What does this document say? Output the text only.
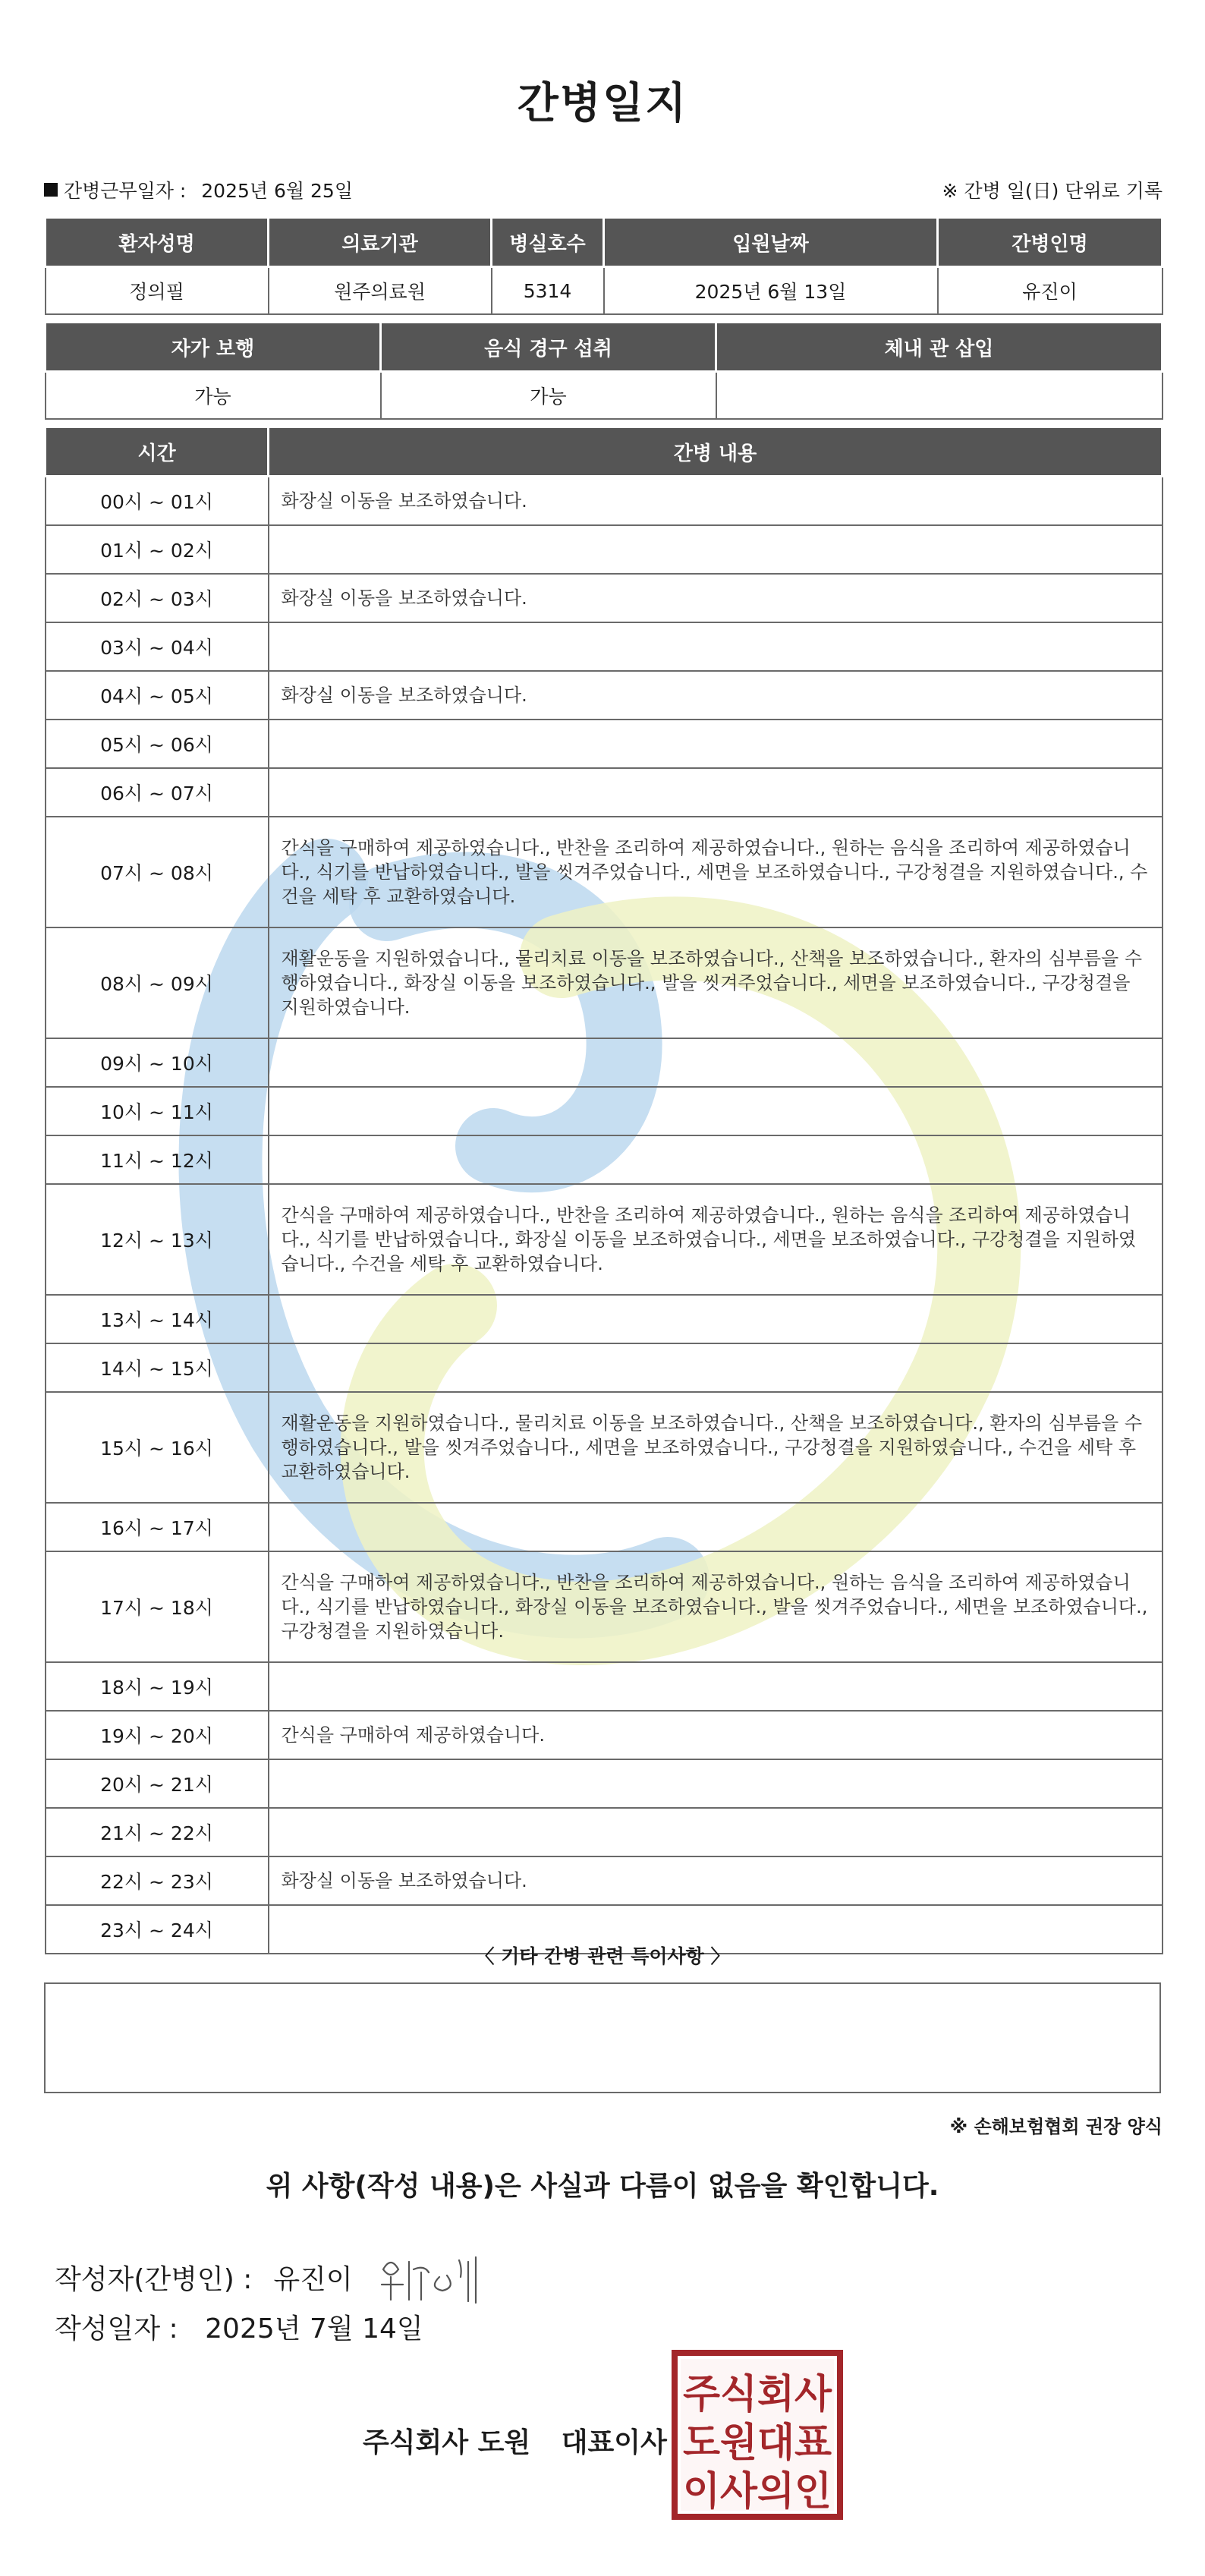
간병일지
간병근무일자 : 2025년 6월 25일	※ 간병 일(日) 단위로 기록
환자성명	의료기관	병실호수	입원날짜	간병인명
정의필	원주의료원	5314	2025년 6월 13일	유진이
자가 보행	음식 경구 섭취	체내 관 삽입
가능	가능	
시간	간병 내용
00시 ~ 01시	화장실 이동을 보조하였습니다.
01시 ~ 02시	
02시 ~ 03시	화장실 이동을 보조하였습니다.
03시 ~ 04시	
04시 ~ 05시	화장실 이동을 보조하였습니다.
05시 ~ 06시	
06시 ~ 07시	
07시 ~ 08시	간식을 구매하여 제공하였습니다., 반찬을 조리하여 제공하였습니다., 원하는 음식을 조리하여 제공하였습니다., 식기를 반납하였습니다., 발을 씻겨주었습니다., 세면을 보조하였습니다., 구강청결을 지원하였습니다., 수건을 세탁 후 교환하였습니다.
08시 ~ 09시	재활운동을 지원하였습니다., 물리치료 이동을 보조하였습니다., 산책을 보조하였습니다., 환자의 심부름을 수행하였습니다., 화장실 이동을 보조하였습니다., 발을 씻겨주었습니다., 세면을 보조하였습니다., 구강청결을 지원하였습니다.
09시 ~ 10시	
10시 ~ 11시	
11시 ~ 12시	
12시 ~ 13시	간식을 구매하여 제공하였습니다., 반찬을 조리하여 제공하였습니다., 원하는 음식을 조리하여 제공하였습니다., 식기를 반납하였습니다., 화장실 이동을 보조하였습니다., 세면을 보조하였습니다., 구강청결을 지원하였습니다., 수건을 세탁 후 교환하였습니다.
13시 ~ 14시	
14시 ~ 15시	
15시 ~ 16시	재활운동을 지원하였습니다., 물리치료 이동을 보조하였습니다., 산책을 보조하였습니다., 환자의 심부름을 수행하였습니다., 발을 씻겨주었습니다., 세면을 보조하였습니다., 구강청결을 지원하였습니다., 수건을 세탁 후 교환하였습니다.
16시 ~ 17시	
17시 ~ 18시	간식을 구매하여 제공하였습니다., 반찬을 조리하여 제공하였습니다., 원하는 음식을 조리하여 제공하였습니다., 식기를 반납하였습니다., 화장실 이동을 보조하였습니다., 발을 씻겨주었습니다., 세면을 보조하였습니다., 구강청결을 지원하였습니다.
18시 ~ 19시	
19시 ~ 20시	간식을 구매하여 제공하였습니다.
20시 ~ 21시	
21시 ~ 22시	
22시 ~ 23시	화장실 이동을 보조하였습니다.
23시 ~ 24시	
〈 기타 간병 관련 특이사항 〉
※ 손해보험협회 권장 양식
위 사항(작성 내용)은 사실과 다름이 없음을 확인합니다.
작성자(간병인) : 유진이
작성일자 : 2025년 7월 14일
주식회사 도원 대표이사
주식회사
도원대표
이사의인
